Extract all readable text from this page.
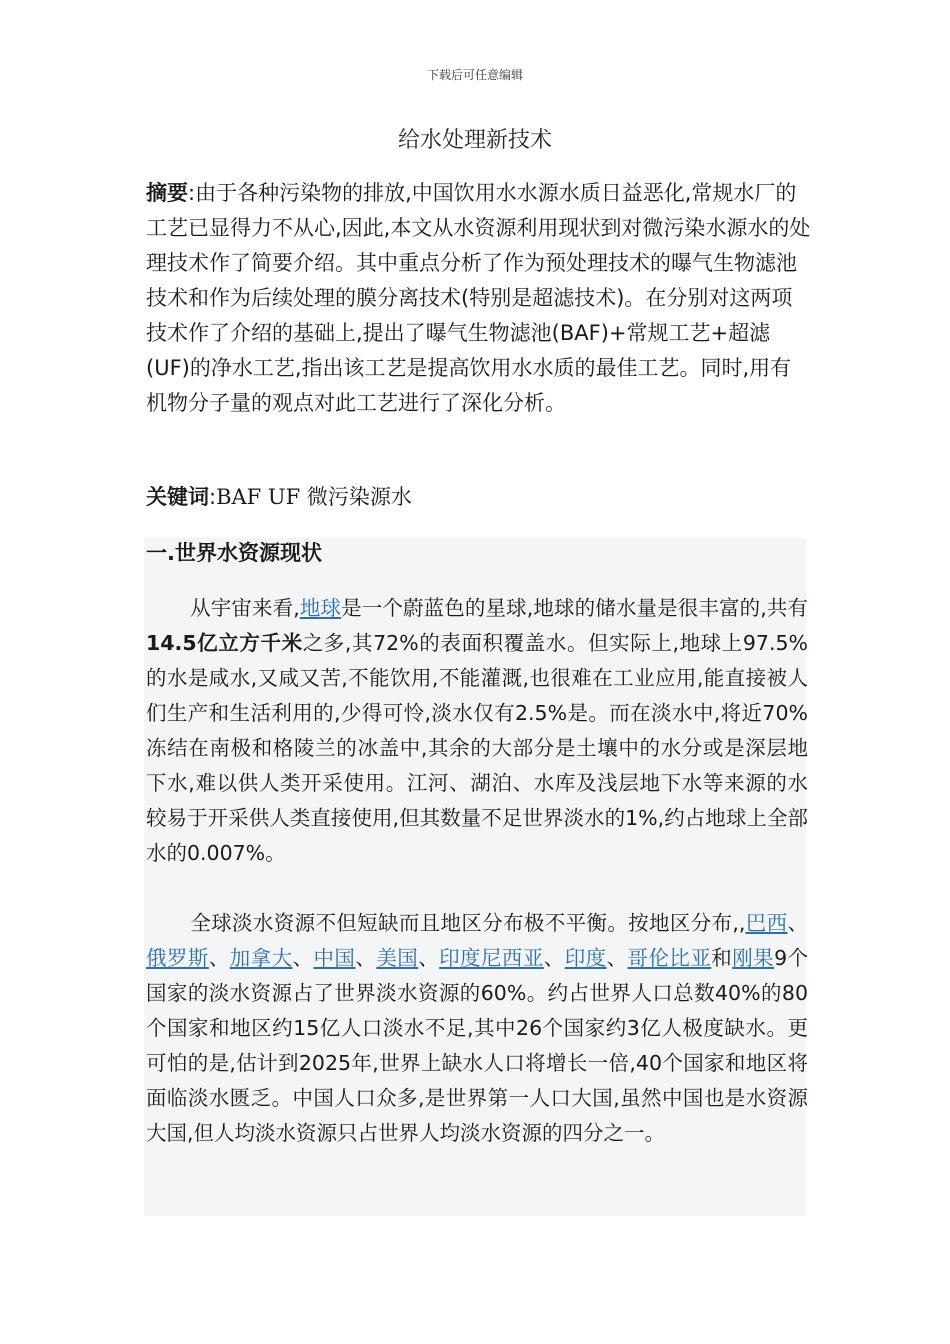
下载后可任意编辑
给水处理新技术

摘要:由于各种污染物的排放,中国饮用水水源水质日益恶化,常规水厂的工艺已显得力不从心,因此,本文从水资源利用现状到对微污染水源水的处理技术作了简要介绍。其中重点分析了作为预处理技术的曝气生物滤池技术和作为后续处理的膜分离技术(特别是超滤技术)。在分别对这两项技术作了介绍的基础上,提出了曝气生物滤池(BAF)+常规工艺+超滤(UF)的净水工艺,指出该工艺是提高饮用水水质的最佳工艺。同时,用有机物分子量的观点对此工艺进行了深化分析。

关键词:BAF UF 微污染源水

一.世界水资源现状

从宇宙来看,地球是一个蔚蓝色的星球,地球的储水量是很丰富的,共有14.5亿立方千米之多,其72%的表面积覆盖水。但实际上,地球上97.5%的水是咸水,又咸又苦,不能饮用,不能灌溉,也很难在工业应用,能直接被人们生产和生活利用的,少得可怜,淡水仅有2.5%是。而在淡水中,将近70%冻结在南极和格陵兰的冰盖中,其余的大部分是土壤中的水分或是深层地下水,难以供人类开采使用。江河、湖泊、水库及浅层地下水等来源的水较易于开采供人类直接使用,但其数量不足世界淡水的1%,约占地球上全部水的0.007%。

全球淡水资源不但短缺而且地区分布极不平衡。按地区分布,,巴西、俄罗斯、加拿大、中国、美国、印度尼西亚、印度、哥伦比亚和刚果9个国家的淡水资源占了世界淡水资源的60%。约占世界人口总数40%的80个国家和地区约15亿人口淡水不足,其中26个国家约3亿人极度缺水。更可怕的是,估计到2025年,世界上缺水人口将增长一倍,40个国家和地区将面临淡水匮乏。中国人口众多,是世界第一人口大国,虽然中国也是水资源大国,但人均淡水资源只占世界人均淡水资源的四分之一。
